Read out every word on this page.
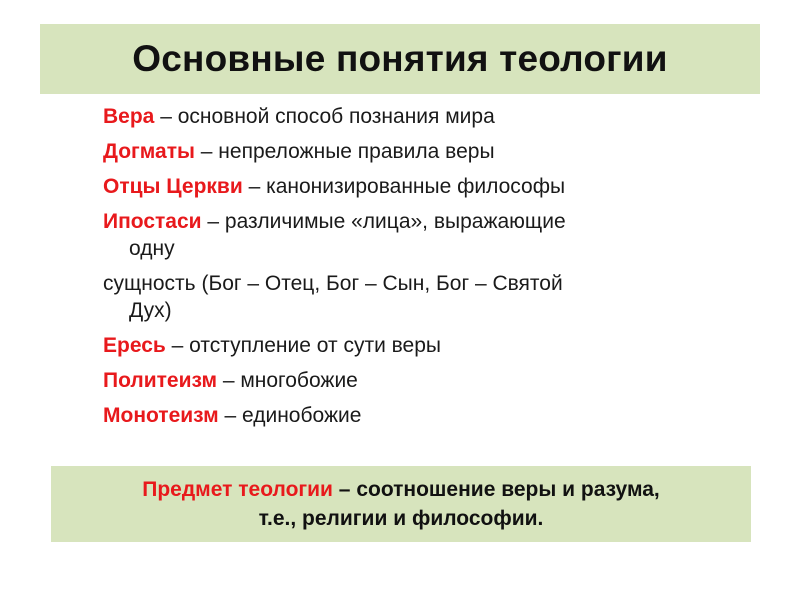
Основные понятия теологии
Вера – основной способ познания мира
Догматы – непреложные правила веры
Отцы Церкви – канонизированные философы
Ипостаси – различимые «лица», выражающие
одну
сущность (Бог – Отец, Бог – Сын, Бог – Святой
Дух)
Ересь – отступление от сути веры
Политеизм – многобожие
Монотеизм – единобожие
Предмет теологии – соотношение веры и разума,
т.е., религии и философии.
